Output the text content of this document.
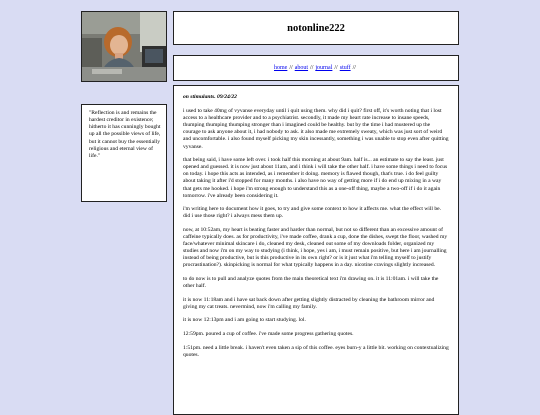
notonline222
home // about // journal // stuff //
"Reflection is and remains the hardest creditor in existence; hitherto it has cunningly bought up all the possible views of life, but it cannot buy the essentially religious and eternal view of life."
on stimulants. 09/24/22

i used to take 40mg of vyvanse everyday until i quit using them. why did i quit? first off, it's worth noting that i lost access to a healthcare provider and to a psychiatrist. secondly, it made my heart rate increase to insane speeds, thumping thumping thumping stronger than i imagined could be healthy. but by the time i had mustered up the courage to ask anyone about it, i had nobody to ask. it also made me extremely sweaty, which was just sort of weird and uncomfortable. i also found myself picking my skin incessantly, something i was unable to stop even after quitting vyvanse.

that being said, i have some left over. i took half this morning at about 9am. half is... an estimate to say the least. just opened and guessed. it is now just about 11am, and i think i will take the other half. i have some things i need to focus on today. i hope this acts as intended, as i remember it doing. memory is flawed though, that's true. i do feel guilty about taking it after i'd stopped for many months. i also have no way of getting more if i do end up mixing in a way that gets me hooked. i hope i'm strong enough to understand this as a one-off thing, maybe a two-off if i do it again tomorrow. i've already been considering it.

i'm writing here to document how it goes, to try and give some context to how it affects me. what the effect will be. did i use those right? i always mess them up.

now, at 10:52am, my heart is beating faster and harder than normal, but not so different than an excessive amount of caffeine typically does. as for productivity, i've made coffee, drank a cup, done the dishes, swept the floor, washed my face/whatever minimal skincare i do, cleaned my desk, cleaned out some of my downloads folder, organized my studies and now i'm on my way to studying (i think, i hope, yes i am, i must remain positive, but here i am journalling instead of being productive, but is this productive in its own right? or is it just what i'm telling myself to justify procrastination?). skinpicking is normal for what typically happens in a day. nicotine cravings slightly increased.

to do now is to pull and analyze quotes from the main theoretical text i'm drawing on. it is 11:01am. i will take the other half.

it is now 11:18am and i have sat back down after getting slightly distracted by cleaning the bathroom mirror and giving my cat treats. nevermind, now i'm calling my family.

it is now 12:13pm and i am going to start studying. lol.

12:59pm. poured a cup of coffee. i've made some progress gathering quotes.

1:51pm. need a little break. i haven't even taken a sip of this coffee. eyes burn-y a little bit. working on contextualizing quotes.
